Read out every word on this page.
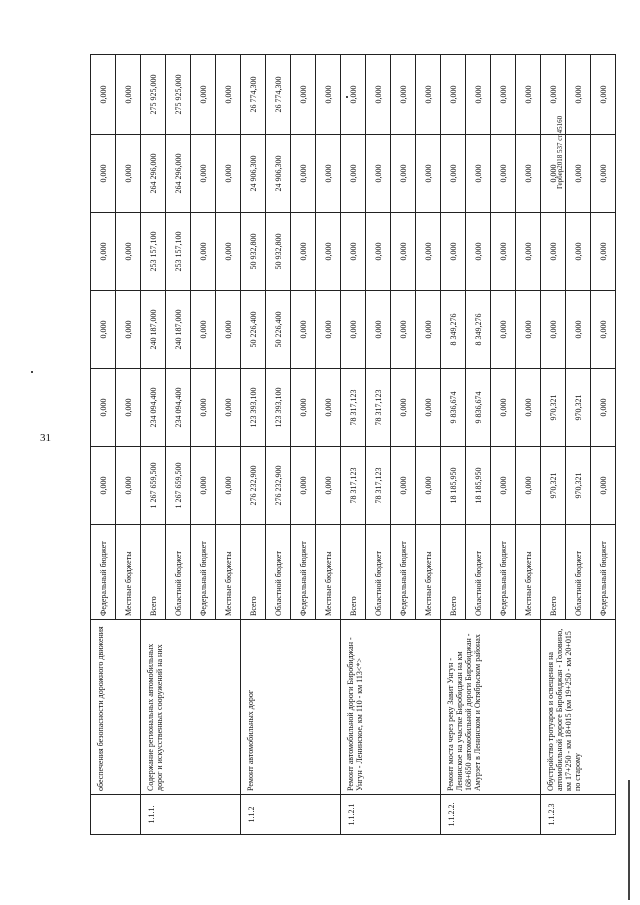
31
	обеспечения безопасности дорожного движения	Федеральный бюджет	0,000	0,000	0,000	0,000	0,000	0,000
		Местные бюджеты	0,000	0,000	0,000	0,000	0,000	0,000
1.1.1.	Содержание региональных автомобильных дорог и искусственных сооружений на них	Всего	1 267 659,500	234 094,400	240 187,000	253 157,100	264 296,000	275 925,000
		Областной бюджет	1 267 659,500	234 094,400	240 187,000	253 157,100	264 296,000	275 925,000
		Федеральный бюджет	0,000	0,000	0,000	0,000	0,000	0,000
		Местные бюджеты	0,000	0,000	0,000	0,000	0,000	0,000
1.1.2	Ремонт автомобильных дорог	Всего	276 232,900	123 393,100	50 226,400	50 932,800	24 906,300	26 774,300
		Областной бюджет	276 232,900	123 393,100	50 226,400	50 932,800	24 906,300	26 774,300
		Федеральный бюджет	0,000	0,000	0,000	0,000	0,000	0,000
		Местные бюджеты	0,000	0,000	0,000	0,000	0,000	0,000
1.1.2.1	Ремонт автомобильной дороги Биробиджан - Унгун - Ленинское, км 110 - км 113<*>	Всего	78 317,123	78 317,123	0,000	0,000	0,000	0,000
		Областной бюджет	78 317,123	78 317,123	0,000	0,000	0,000	0,000
		Федеральный бюджет	0,000	0,000	0,000	0,000	0,000	0,000
		Местные бюджеты	0,000	0,000	0,000	0,000	0,000	0,000
1.1.2.2.	Ремонт моста через реку Завит Унгун - Ленинское на участке Биробиджан на км 168+650 автомобильной дороги Биробиджан - Амурзет в Ленинском и Октябрьском районах	Всего	18 185,950	9 836,674	8 349,276	0,000	0,000	0,000
		Областной бюджет	18 185,950	9 836,674	8 349,276	0,000	0,000	0,000
		Федеральный бюджет	0,000	0,000	0,000	0,000	0,000	0,000
		Местные бюджеты	0,000	0,000	0,000	0,000	0,000	0,000
1.1.2.3	Обустройство тротуаров и освещения на автомобильной дороге Биробиджан - Головино, км 17+250 - км 18+015 (км 19+250 - км 20+015 по старому	Всего	970,321	970,321	0,000	0,000	0,000	0,000
		Областной бюджет	970,321	970,321	0,000	0,000	0,000	0,000
		Федеральный бюджет	0,000	0,000	0,000	0,000	0,000	0,000
Гербер2018 537 ст.45160
